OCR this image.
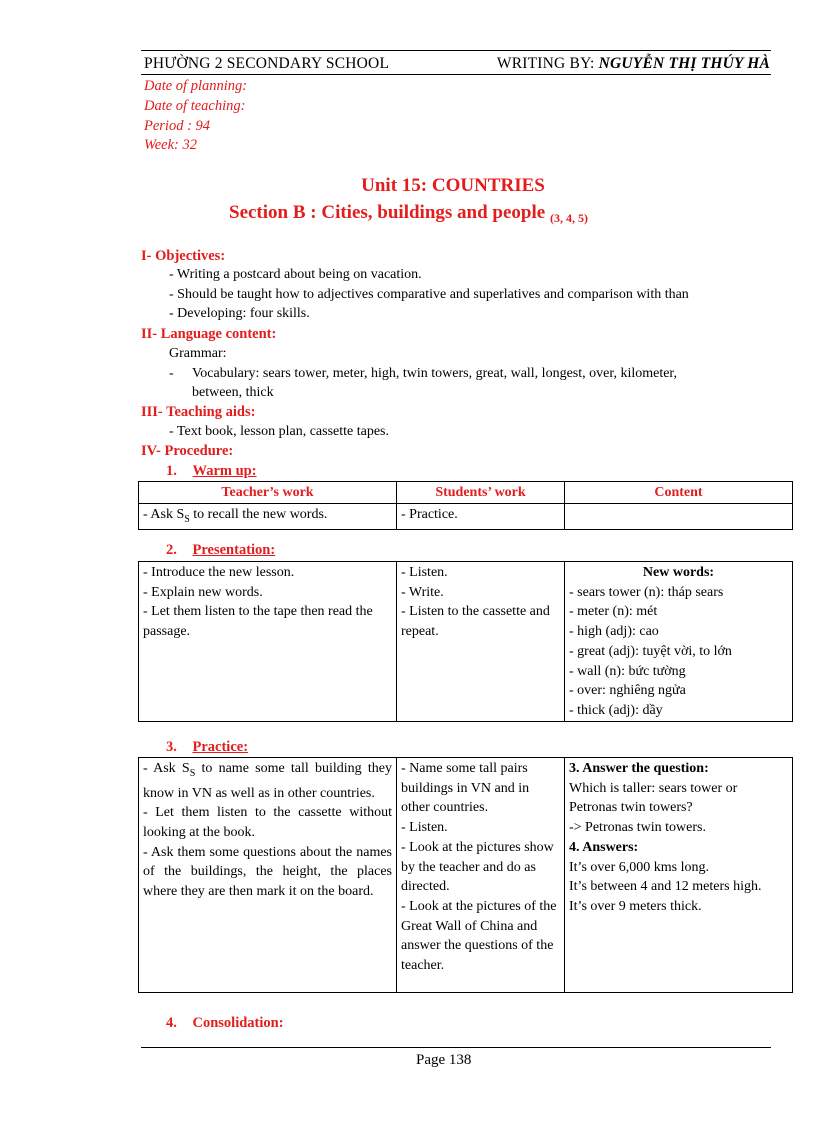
PHƯỜNG 2 SECONDARY SCHOOL	WRITING BY: NGUYỄN THỊ THÚY HÀ
Date of planning:
Date of teaching:
Period : 94
Week: 32
Unit 15: COUNTRIES
Section B : Cities, buildings and people $_{(3, 4, 5)}$
I- Objectives:
- Writing a postcard about being on vacation.
- Should be taught how to adjectives comparative and superlatives and comparison with than
- Developing: four skills.
II- Language content:
Grammar:
- Vocabulary: sears tower, meter, high, twin towers, great, wall, longest, over, kilometer,
between, thick
III- Teaching aids:
- Text book, lesson plan, cassette tapes.
IV- Procedure:
1. Warm up:
Teacher’s work	Students’ work	Content
- Ask $S_S$ to recall the new words.	- Practice.	
2. Presentation:
- Introduce the new lesson.
- Explain new words.
- Let them listen to the tape then read the passage.

- Listen.
- Write.
- Listen to the cassette and repeat.

New words:
- sears tower (n): tháp sears
- meter (n): mét
- high (adj): cao
- great (adj): tuyệt vời, to lớn
- wall (n): bức tường
- over: nghiêng ngửa
- thick (adj): dầy
3. Practice:
- Ask $S_S$ to name some tall building they know in VN as well as in other countries.
- Let them listen to the cassette without looking at the book.
- Ask them some questions about the names of the buildings, the height, the places where they are then mark it on the board.

- Name some tall pairs buildings in VN and in other countries.
- Listen.
- Look at the pictures show by the teacher and do as directed.
- Look at the pictures of the Great Wall of China and answer the questions of the teacher.

3. Answer the question:
Which is taller: sears tower or Petronas twin towers?
-> Petronas twin towers.
4. Answers:
It’s over 6,000 kms long.
It’s between 4 and 12 meters high.
It’s over 9 meters thick.
4. Consolidation:
Page 138
